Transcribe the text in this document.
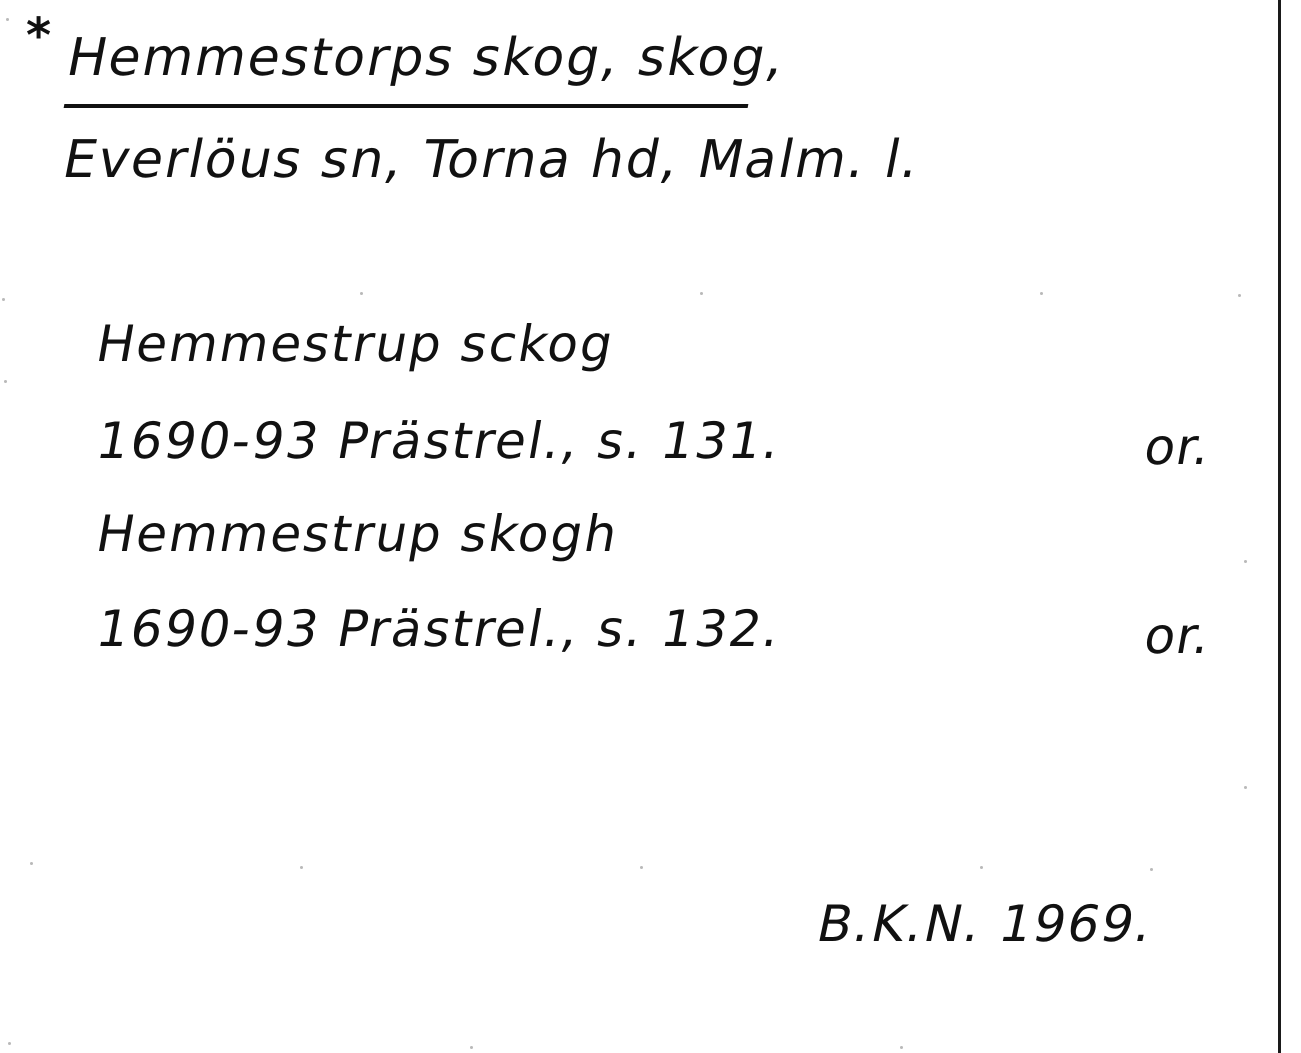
* Hemmestorps skog, skog,
Everlöus sn, Torna hd, Malm. l.
Hemmestrup sckog
1690-93 Prästrel., s. 131.	or.
Hemmestrup skogh
1690-93 Prästrel., s. 132.	or.
B.K.N. 1969.
